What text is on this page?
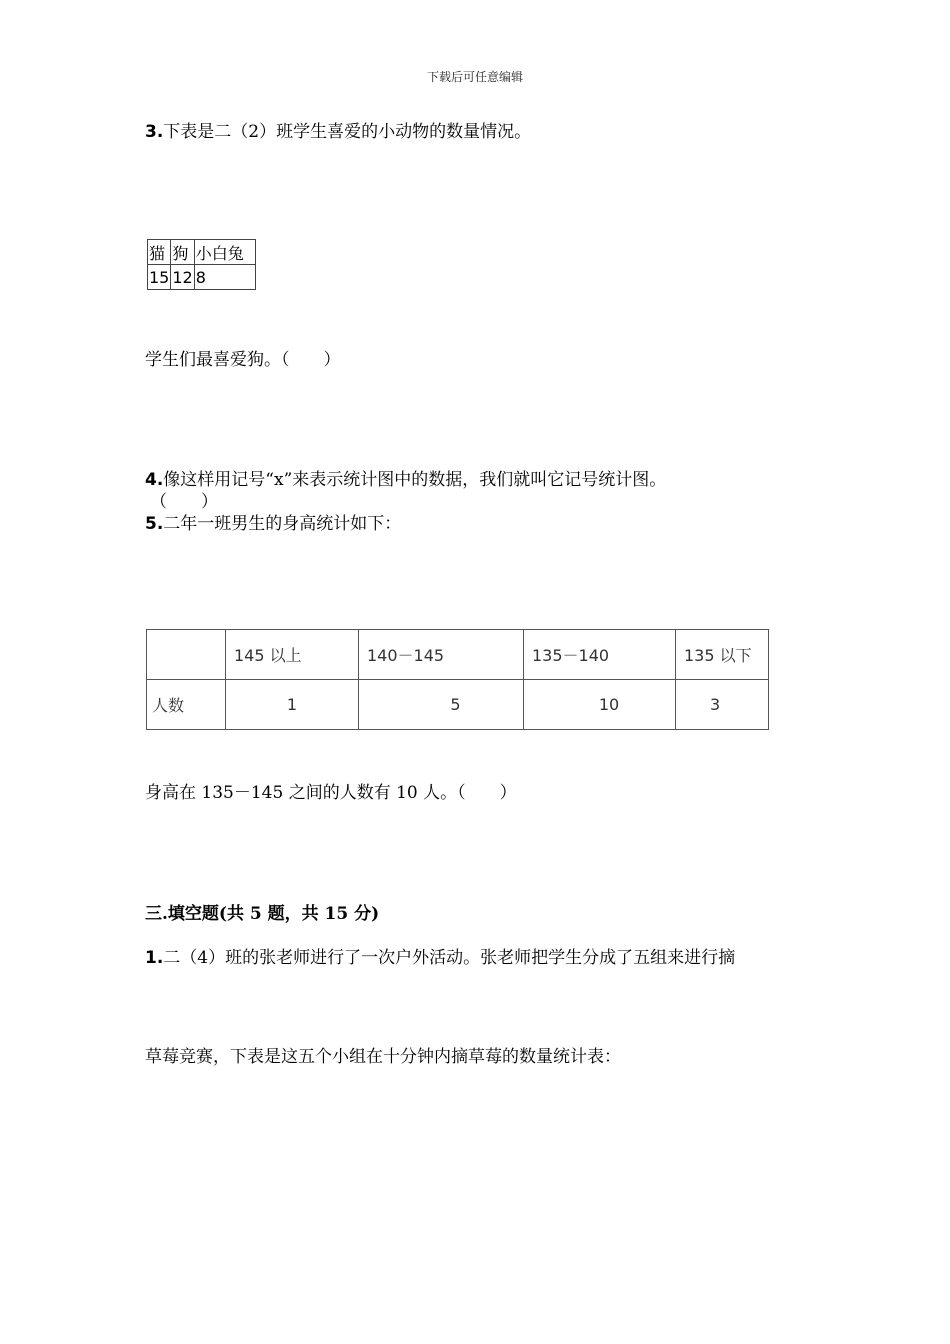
下载后可任意编辑
3.下表是二（2）班学生喜爱的小动物的数量情况。
猫	狗	小白兔
15	12	8
学生们最喜爱狗。（　　）
4.像这样用记号“x”来表示统计图中的数据，我们就叫它记号统计图。
（　　）
5.二年一班男生的身高统计如下：
	145 以上	140－145	135－140	135 以下
人数	1	5	10	3
身高在 135－145 之间的人数有 10 人。（　　）
三.填空题(共 5 题，共 15 分)
1.二（4）班的张老师进行了一次户外活动。张老师把学生分成了五组来进行摘
草莓竞赛，下表是这五个小组在十分钟内摘草莓的数量统计表：
